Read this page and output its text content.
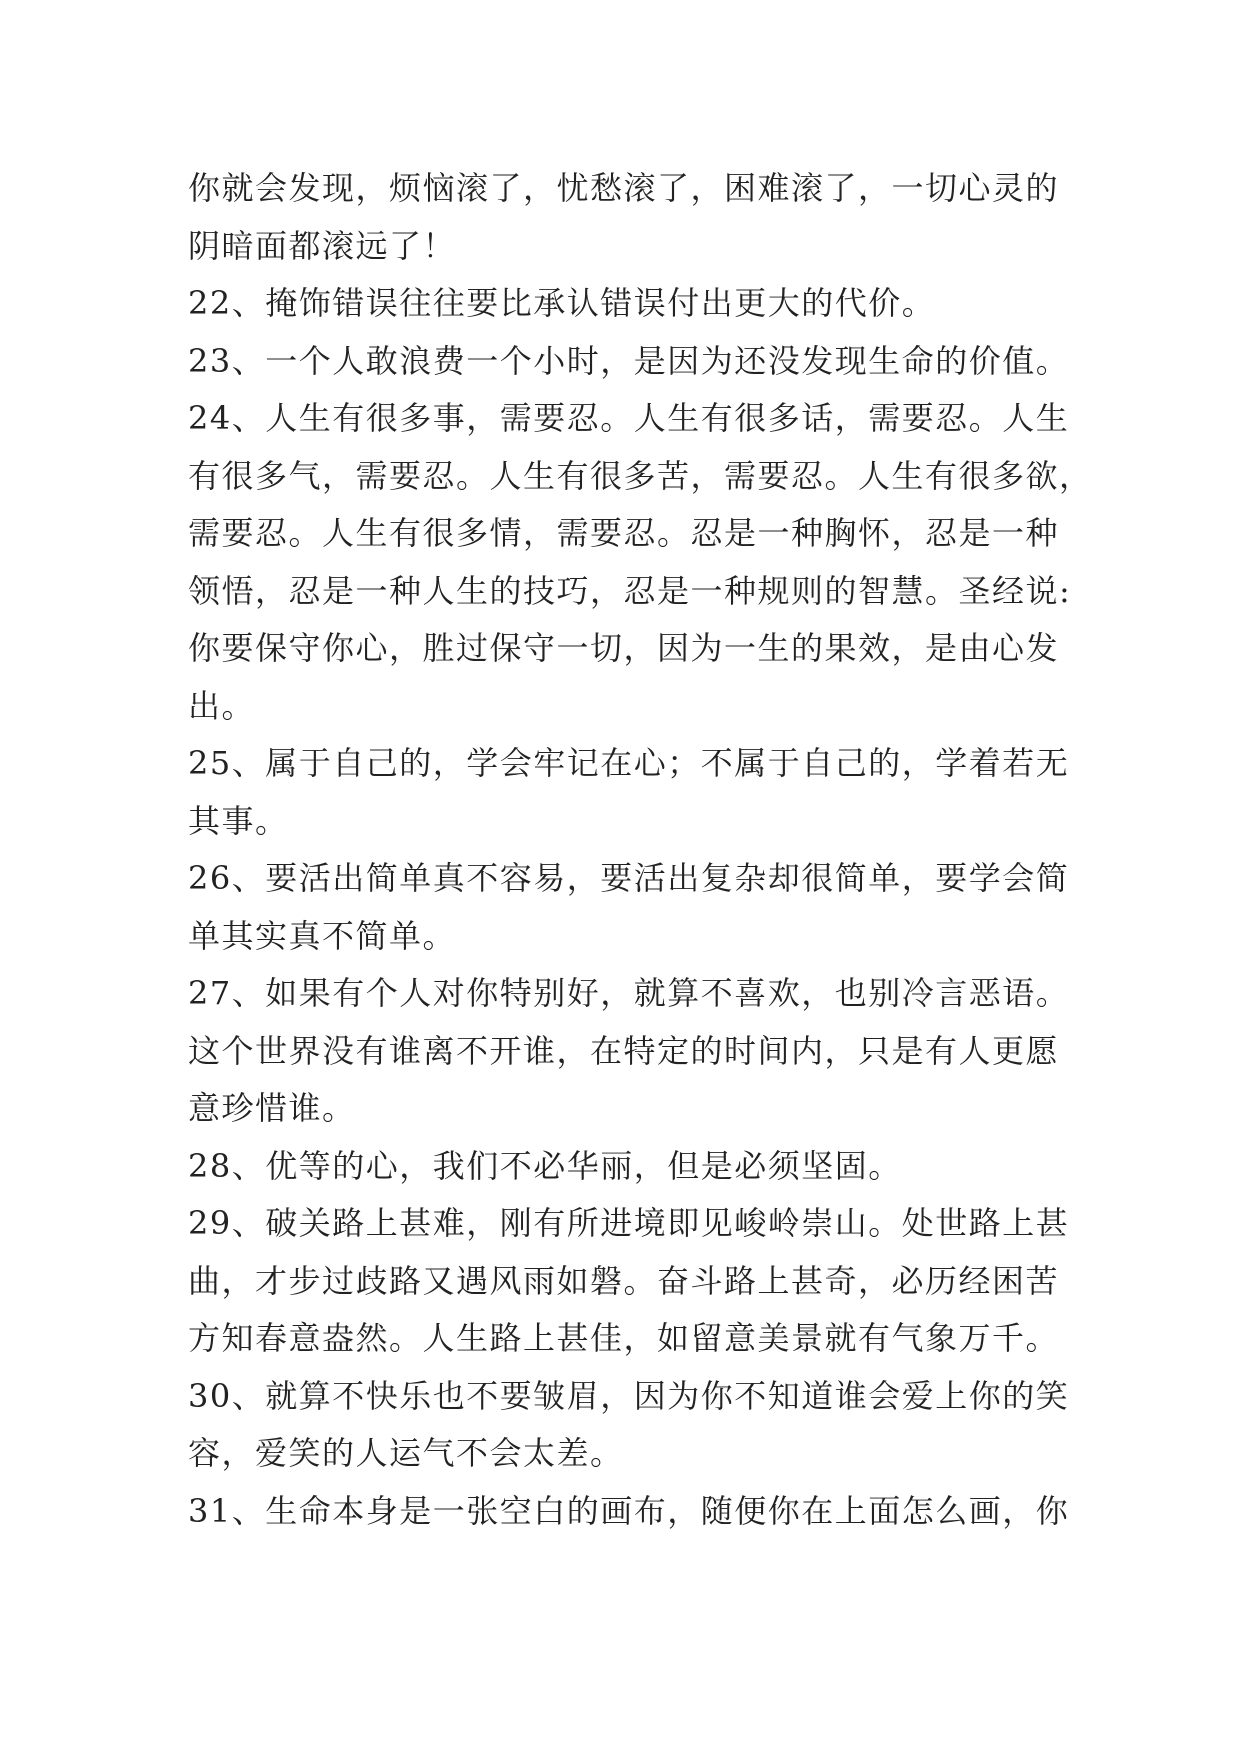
你就会发现，烦恼滚了，忧愁滚了，困难滚了，一切心灵的
阴暗面都滚远了！
22、掩饰错误往往要比承认错误付出更大的代价。
23、一个人敢浪费一个小时，是因为还没发现生命的价值。
24、人生有很多事，需要忍。人生有很多话，需要忍。人生
有很多气，需要忍。人生有很多苦，需要忍。人生有很多欲，
需要忍。人生有很多情，需要忍。忍是一种胸怀，忍是一种
领悟，忍是一种人生的技巧，忍是一种规则的智慧。圣经说:
你要保守你心，胜过保守一切，因为一生的果效，是由心发
出。
25、属于自己的，学会牢记在心；不属于自己的，学着若无
其事。
26、要活出简单真不容易，要活出复杂却很简单，要学会简
单其实真不简单。
27、如果有个人对你特别好，就算不喜欢，也别冷言恶语。
这个世界没有谁离不开谁，在特定的时间内，只是有人更愿
意珍惜谁。
28、优等的心，我们不必华丽，但是必须坚固。
29、破关路上甚难，刚有所进境即见峻岭崇山。处世路上甚
曲，才步过歧路又遇风雨如磐。奋斗路上甚奇，必历经困苦
方知春意盎然。人生路上甚佳，如留意美景就有气象万千。
30、就算不快乐也不要皱眉，因为你不知道谁会爱上你的笑
容，爱笑的人运气不会太差。
31、生命本身是一张空白的画布，随便你在上面怎么画，你
